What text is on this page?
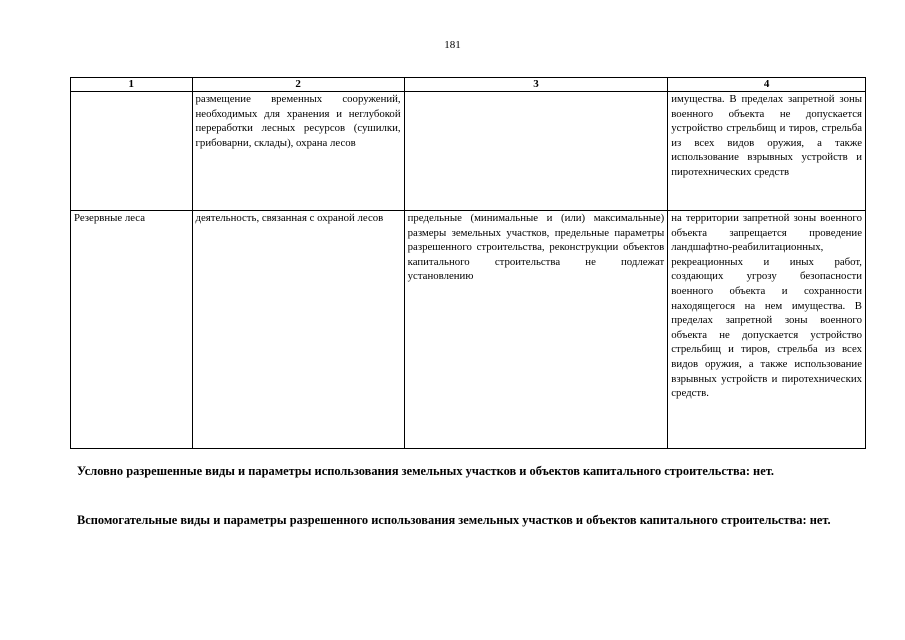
181
1	2	3	4

	размещение временных сооружений, необходимых для хранения и неглубокой переработки лесных ресурсов (сушилки, грибоварни, склады), охрана лесов		имущества. В пределах запретной зоны военного объекта не допускается устройство стрельбищ и тиров, стрельба из всех видов оружия, а также использование взрывных устройств и пиротехнических средств

Резервные леса	деятельность, связанная с охраной лесов	предельные (минимальные и (или) максимальные) размеры земельных участков, предельные параметры разрешенного строительства, реконструкции объектов капитального строительства не подлежат установлению	на территории запретной зоны военного объекта запрещается проведение ландшафтно-реабилитационных, рекреационных и иных работ, создающих угрозу безопасности военного объекта и сохранности находящегося на нем имущества. В пределах запретной зоны военного объекта не допускается устройство стрельбищ и тиров, стрельба из всех видов оружия, а также использование взрывных устройств и пиротехнических средств.
Условно разрешенные виды и параметры использования земельных участков и объектов капитального строительства: нет.
Вспомогательные виды и параметры разрешенного использования земельных участков и объектов капитального строительства: нет.
